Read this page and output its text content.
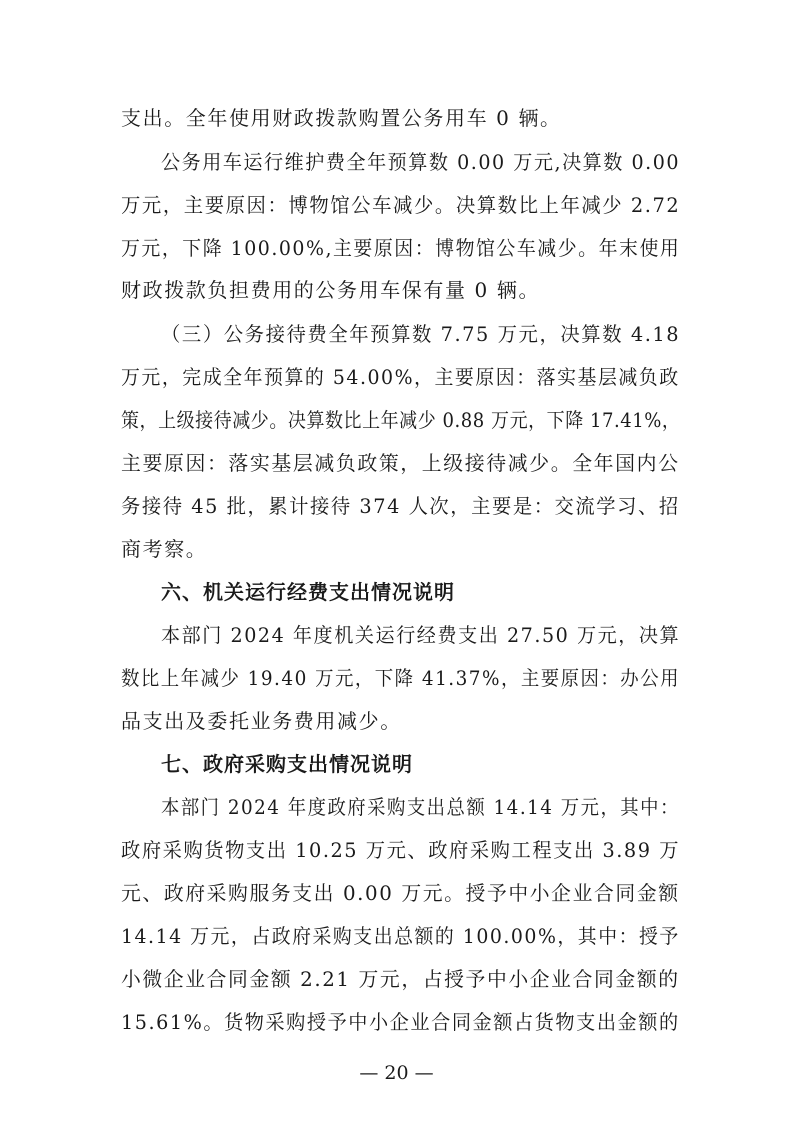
支出。全年使用财政拨款购置公务用车 0 辆。
公务用车运行维护费全年预算数 0.00 万元,决算数 0.00
万元，主要原因：博物馆公车减少。决算数比上年减少 2.72
万元，下降 100.00%,主要原因：博物馆公车减少。年末使用
财政拨款负担费用的公务用车保有量 0 辆。
（三）公务接待费全年预算数 7.75 万元，决算数 4.18
万元，完成全年预算的 54.00%，主要原因：落实基层减负政
策，上级接待减少。决算数比上年减少 0.88 万元，下降 17.41%，
主要原因：落实基层减负政策，上级接待减少。全年国内公
务接待 45 批，累计接待 374 人次，主要是：交流学习、招
商考察。
六、机关运行经费支出情况说明
本部门 2024 年度机关运行经费支出 27.50 万元，决算
数比上年减少 19.40 万元，下降 41.37%，主要原因：办公用
品支出及委托业务费用减少。
七、政府采购支出情况说明
本部门 2024 年度政府采购支出总额 14.14 万元，其中：
政府采购货物支出 10.25 万元、政府采购工程支出 3.89 万
元、政府采购服务支出 0.00 万元。授予中小企业合同金额
14.14 万元，占政府采购支出总额的 100.00%，其中：授予
小微企业合同金额 2.21 万元，占授予中小企业合同金额的
15.61%。货物采购授予中小企业合同金额占货物支出金额的
— 20 —
